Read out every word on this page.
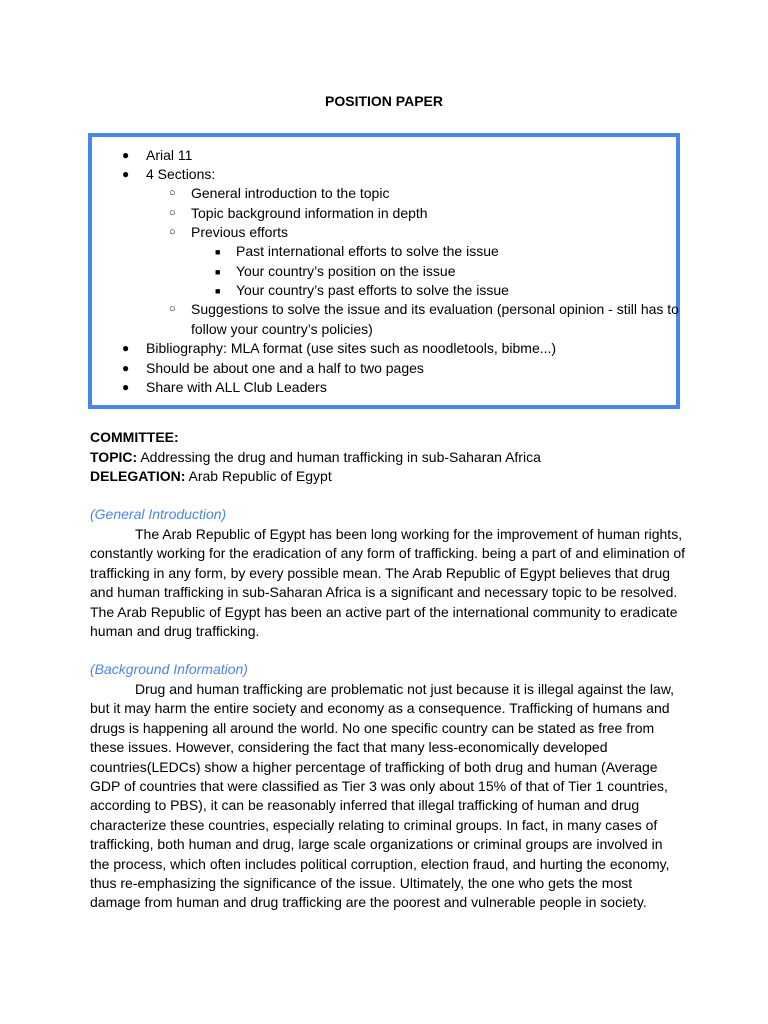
POSITION PAPER
● Arial 11
● 4 Sections:
○ General introduction to the topic
○ Topic background information in depth
○ Previous efforts
■ Past international efforts to solve the issue
■ Your country’s position on the issue
■ Your country’s past efforts to solve the issue
○ Suggestions to solve the issue and its evaluation (personal opinion - still has to
follow your country’s policies)
● Bibliography: MLA format (use sites such as noodletools, bibme...)
● Should be about one and a half to two pages
● Share with ALL Club Leaders
COMMITTEE:
TOPIC: Addressing the drug and human trafficking in sub-Saharan Africa
DELEGATION: Arab Republic of Egypt
(General Introduction)
The Arab Republic of Egypt has been long working for the improvement of human rights,
constantly working for the eradication of any form of trafficking. being a part of and elimination of
trafficking in any form, by every possible mean. The Arab Republic of Egypt believes that drug
and human trafficking in sub-Saharan Africa is a significant and necessary topic to be resolved.
The Arab Republic of Egypt has been an active part of the international community to eradicate
human and drug trafficking.
(Background Information)
Drug and human trafficking are problematic not just because it is illegal against the law,
but it may harm the entire society and economy as a consequence. Trafficking of humans and
drugs is happening all around the world. No one specific country can be stated as free from
these issues. However, considering the fact that many less-economically developed
countries(LEDCs) show a higher percentage of trafficking of both drug and human (Average
GDP of countries that were classified as Tier 3 was only about 15% of that of Tier 1 countries,
according to PBS), it can be reasonably inferred that illegal trafficking of human and drug
characterize these countries, especially relating to criminal groups. In fact, in many cases of
trafficking, both human and drug, large scale organizations or criminal groups are involved in
the process, which often includes political corruption, election fraud, and hurting the economy,
thus re-emphasizing the significance of the issue. Ultimately, the one who gets the most
damage from human and drug trafficking are the poorest and vulnerable people in society.
